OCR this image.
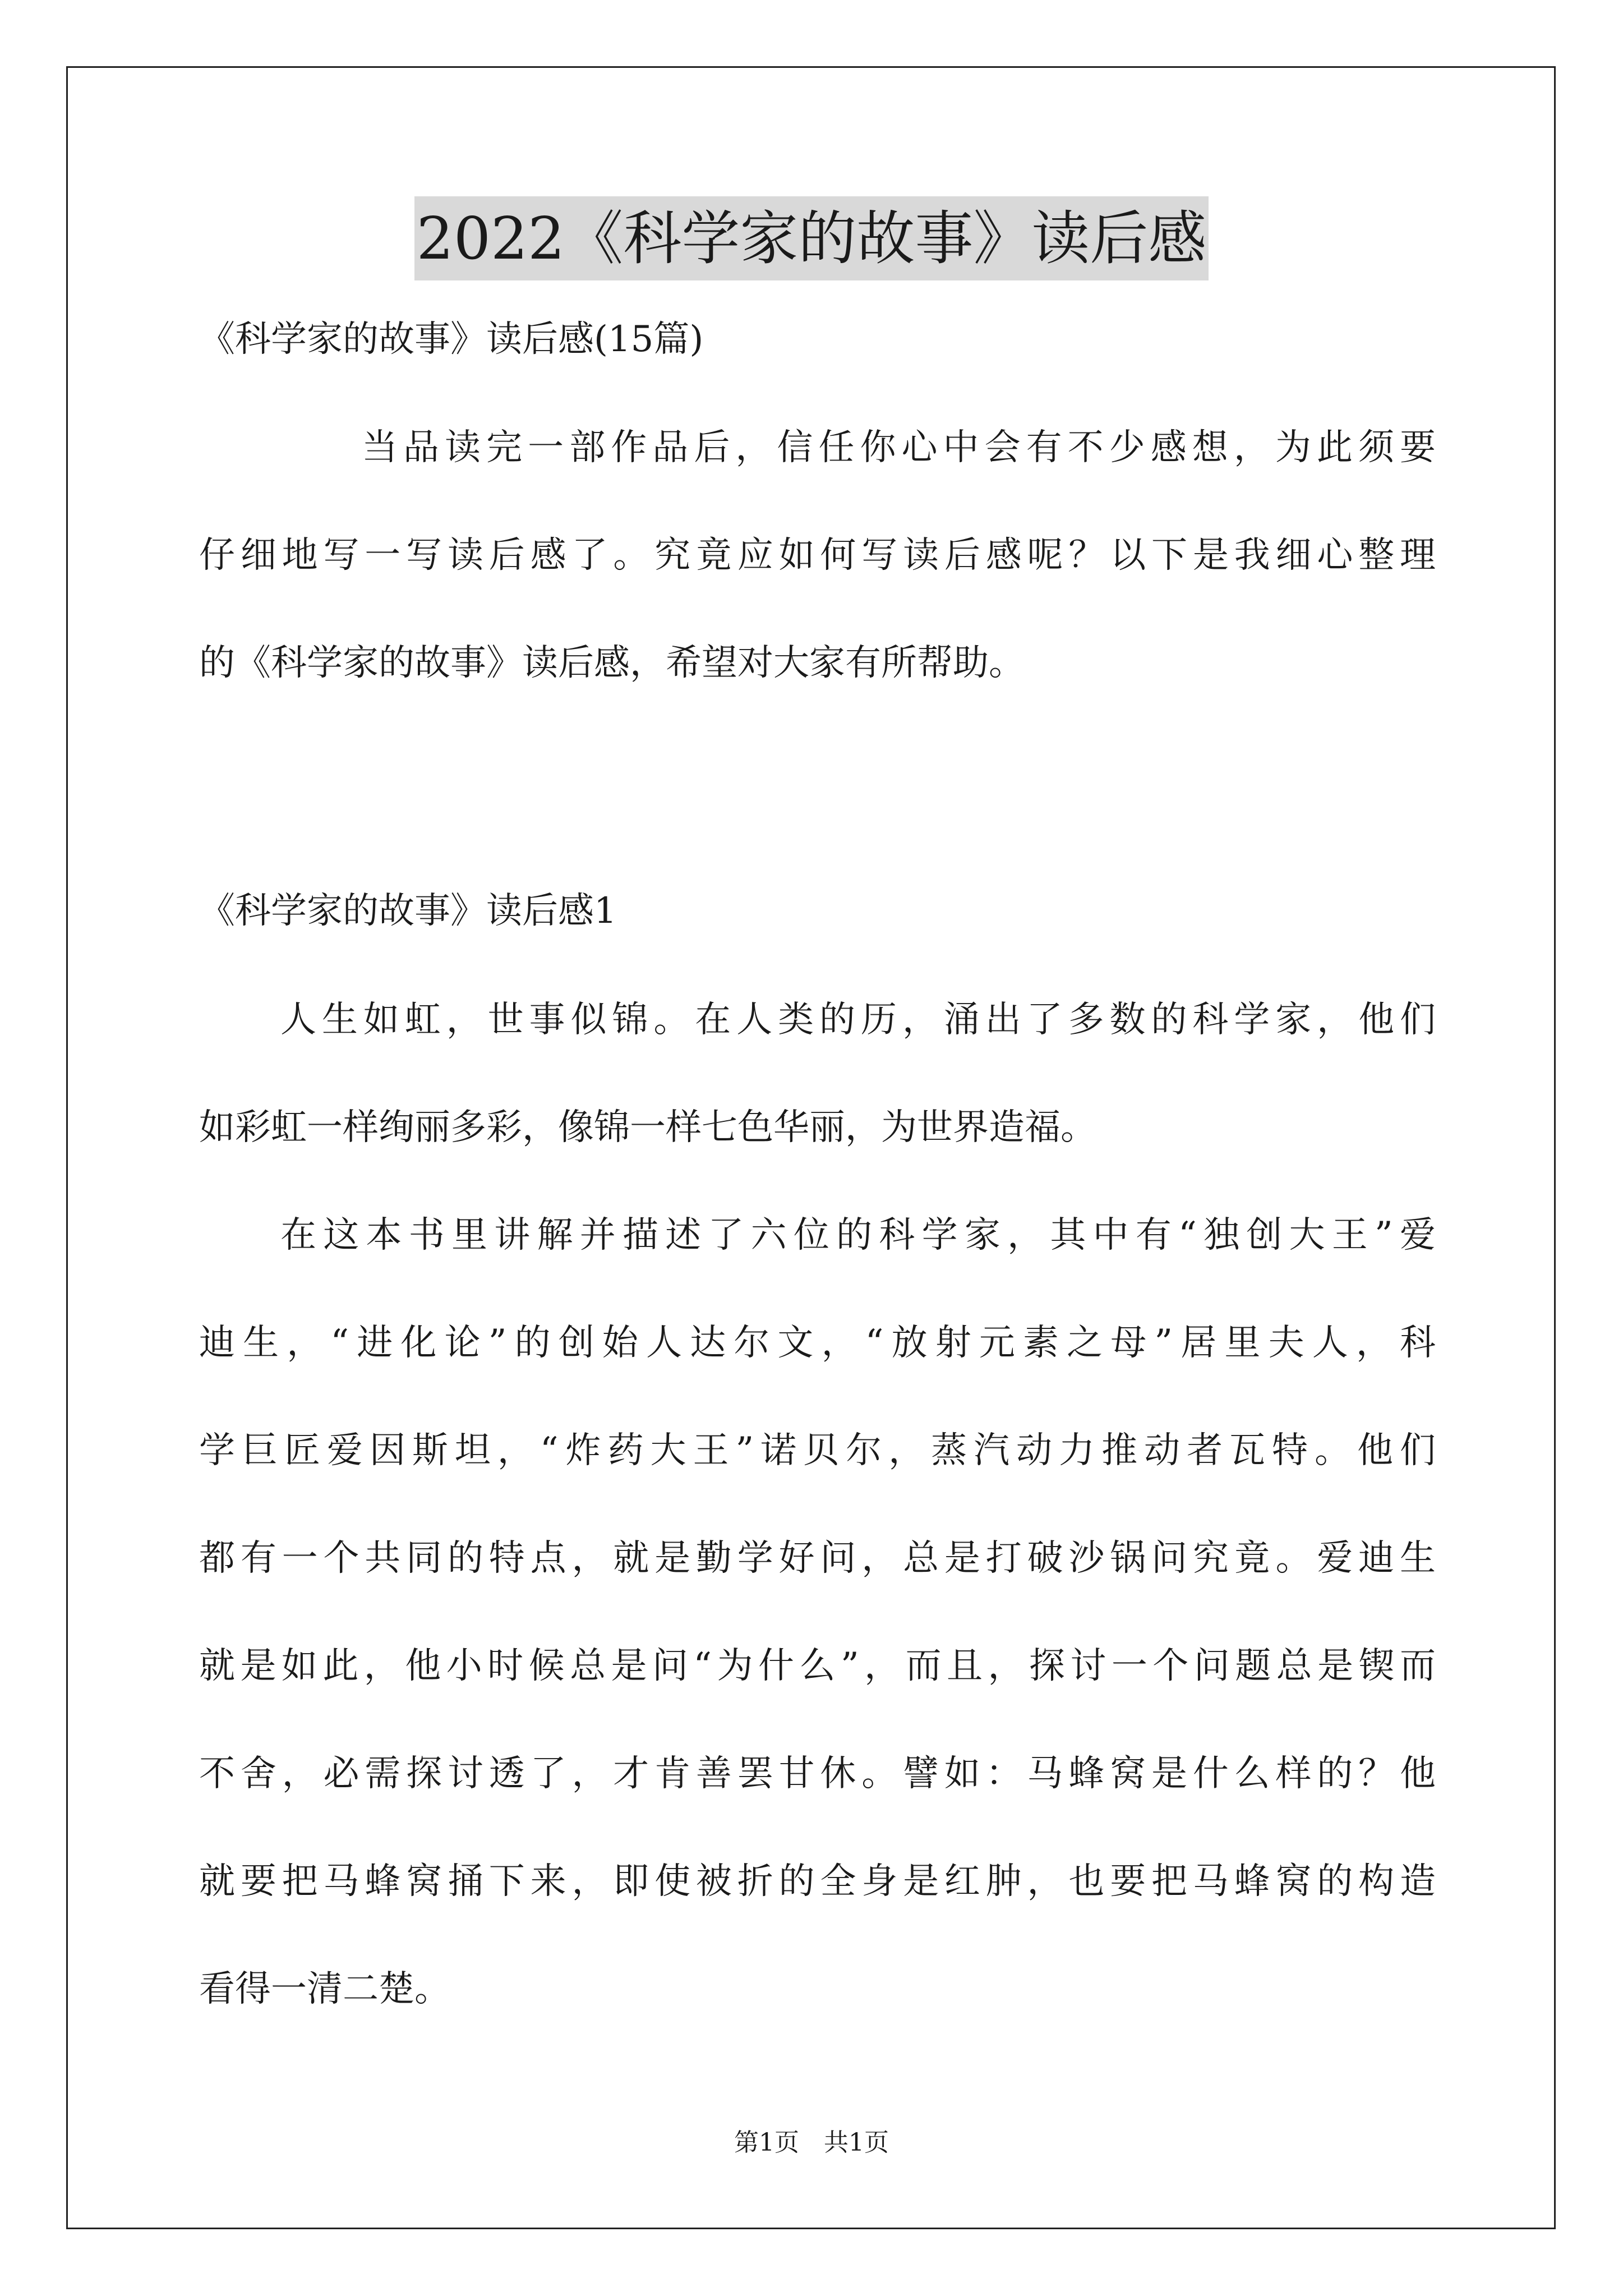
2022《科学家的故事》读后感
《科学家的故事》读后感(15篇)
当品读完一部作品后，信任你心中会有不少感想，为此须要
仔细地写一写读后感了。究竟应如何写读后感呢？以下是我细心整理
的《科学家的故事》读后感，希望对大家有所帮助。
《科学家的故事》读后感1
人生如虹，世事似锦。在人类的历，涌出了多数的科学家，他们
如彩虹一样绚丽多彩，像锦一样七色华丽，为世界造福。
在这本书里讲解并描述了六位的科学家，其中有“独创大王”爱
迪生，“进化论”的创始人达尔文，“放射元素之母”居里夫人，科
学巨匠爱因斯坦，“炸药大王”诺贝尔，蒸汽动力推动者瓦特。他们
都有一个共同的特点，就是勤学好问，总是打破沙锅问究竟。爱迪生
就是如此，他小时候总是问“为什么”，而且，探讨一个问题总是锲而
不舍，必需探讨透了，才肯善罢甘休。譬如：马蜂窝是什么样的？他
就要把马蜂窝捅下来，即使被折的全身是红肿，也要把马蜂窝的构造
看得一清二楚。
第1页　共1页
